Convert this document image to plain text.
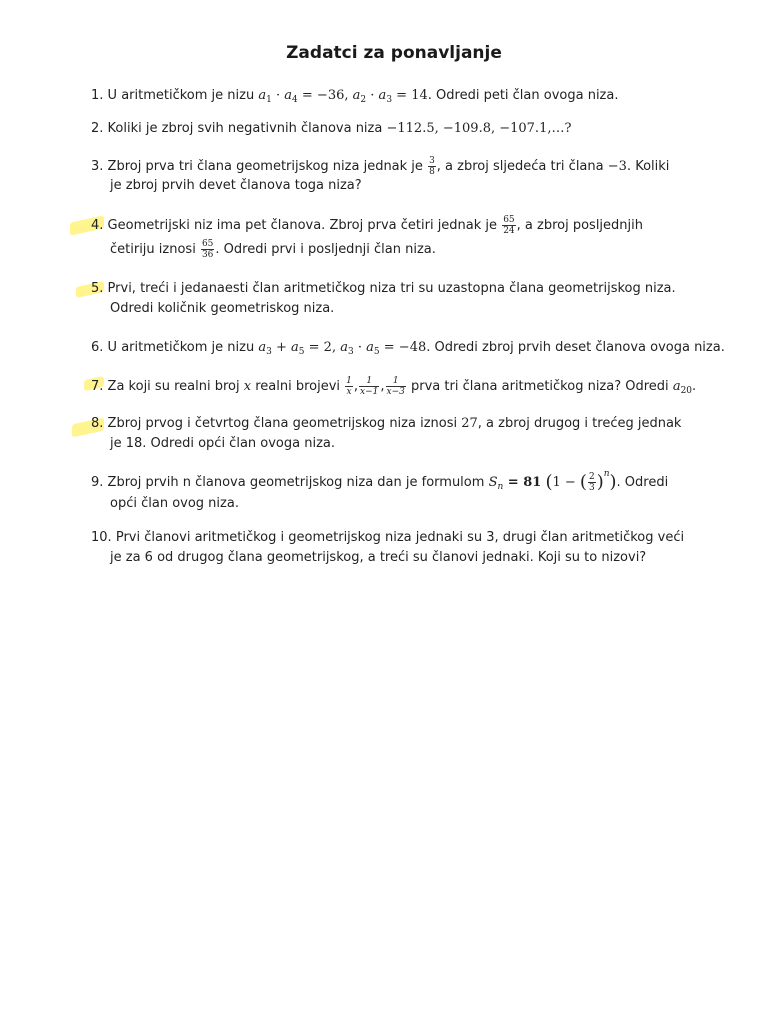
Zadatci za ponavljanje
1. U aritmetičkom je nizu $a_1 \cdot a_4 = -36$, $a_2 \cdot a_3 = 14$. Odredi peti član ovoga niza.
2. Koliki je zbroj svih negativnih članova niza −112.5, −109.8, −107.1,…?
3. Zbroj prva tri člana geometrijskog niza jednak je $\frac{3}{8}$ , a zbroj sljedeća tri člana −3. Koliki
je zbroj prvih devet članova toga niza?
4. Geometrijski niz ima pet članova. Zbroj prva četiri jednak je $\frac{65}{24}$ , a zbroj posljednjih
četiriju iznosi $\frac{65}{36}$ . Odredi prvi i posljednji član niza.
5. Prvi, treći i jedanaesti član aritmetičkog niza tri su uzastopna člana geometrijskog niza.
Odredi količnik geometriskog niza.
6. U aritmetičkom je nizu $a_3 + a_5 = 2$, $a_3 \cdot a_5 = -48$. Odredi zbroj prvih deset članova ovoga niza.
7. Za koji su realni broj x realni brojevi $\frac{1}{x}$ , $\frac{1}{x-1}$ , $\frac{1}{x-3}$ prva tri člana aritmetičkog niza? Odredi $a_{20}$.
8. Zbroj prvog i četvrtog člana geometrijskog niza iznosi 27, a zbroj drugog i trećeg jednak
je 18. Odredi opći član ovoga niza.
9. Zbroj prvih n članova geometrijskog niza dan je formulom $S_n = 81$ (1 − ( $\frac{2}{3} )^n$). Odredi
opći član ovog niza.
10. Prvi članovi aritmetičkog i geometrijskog niza jednaki su 3, drugi član aritmetičkog veći
je za 6 od drugog člana geometrijskog, a treći su članovi jednaki. Koji su to nizovi?
